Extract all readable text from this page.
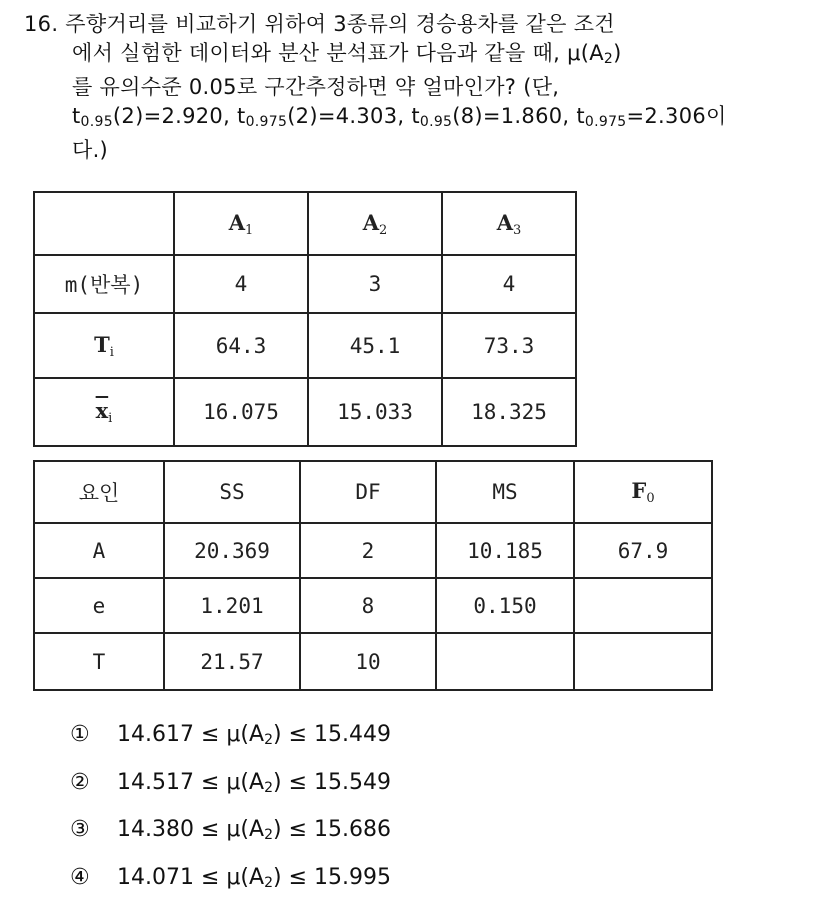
16. 주향거리를 비교하기 위하여 3종류의 경승용차를 같은 조건
에서 실험한 데이터와 분산 분석표가 다음과 같을 때, $\mu(A_2)$
를 유의수준 0.05로 구간추정하면 약 얼마인가? (단,
$t_{0.95}(2)=2.920$, $t_{0.975}(2)=4.303$, $t_{0.95}(8)=1.860$, $t_{0.975}=2.306$이
다.)
	A1	A2	A3
m(반복)	4	3	4
Ti	64.3	45.1	73.3
$\overline{x}i$	16.075	15.033	18.325
요인	SS	DF	MS	F0
A	20.369	2	10.185	67.9
e	1.201	8	0.150	
T	21.57	10		
① $14.617 \le \mu(A_2) \le 15.449$
② $14.517 \le \mu(A_2) \le 15.549$
③ $14.380 \le \mu(A_2) \le 15.686$
④ $14.071 \le \mu(A_2) \le 15.995$
